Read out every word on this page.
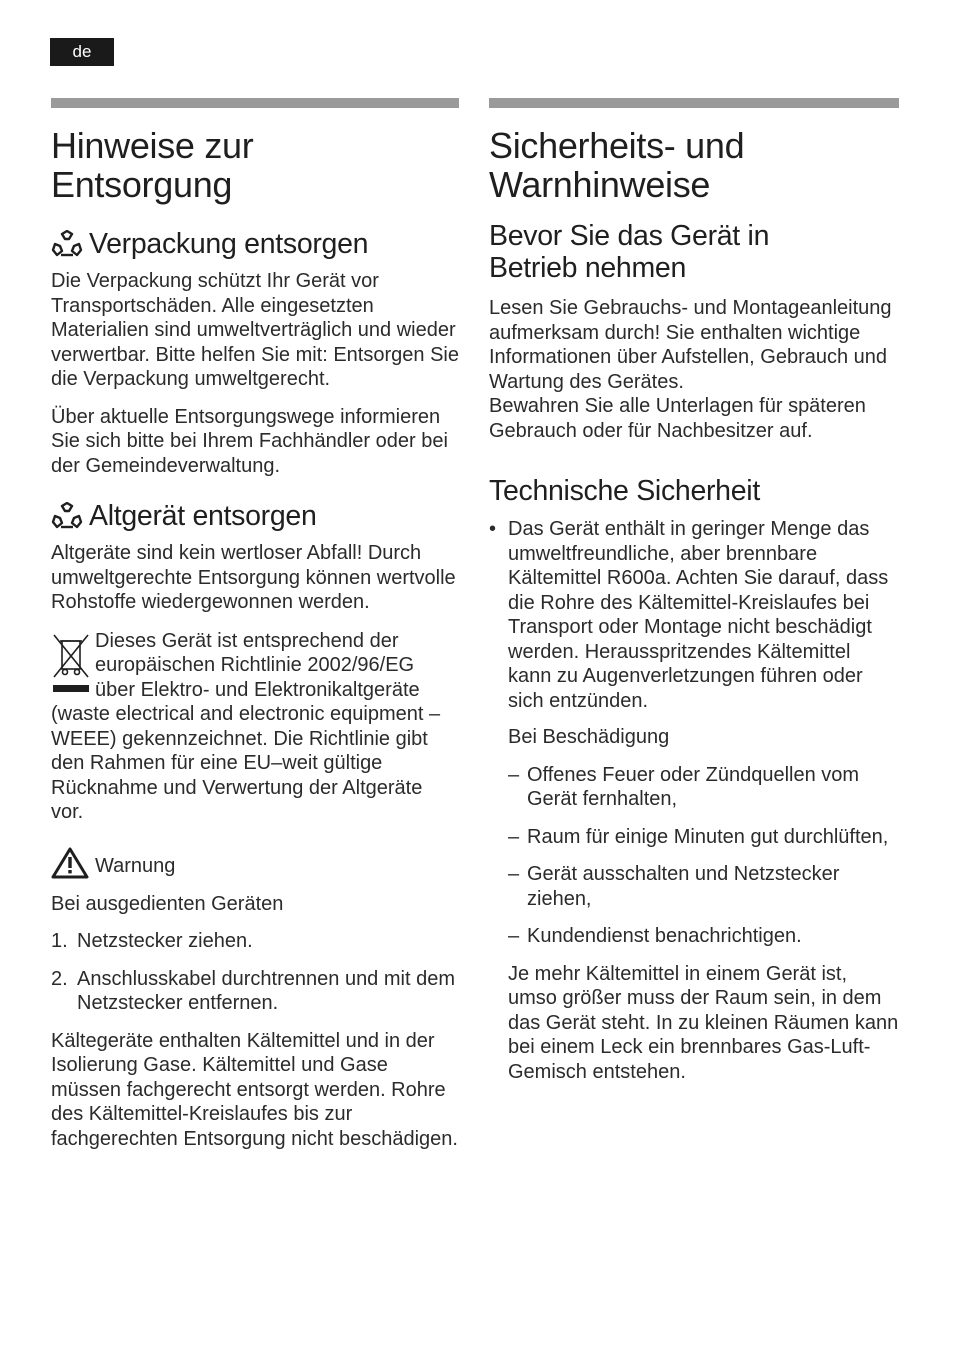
de
Hinweise zur Entsorgung
Verpackung entsorgen

Die Verpackung schützt Ihr Gerät vor Transportschäden. Alle eingesetzten Materialien sind umweltverträglich und wieder verwertbar. Bitte helfen Sie mit: Entsorgen Sie die Verpackung umweltgerecht.

Über aktuelle Entsorgungswege informieren Sie sich bitte bei Ihrem Fachhändler oder bei der Gemeindeverwaltung.

Altgerät entsorgen

Altgeräte sind kein wertloser Abfall! Durch umweltgerechte Entsorgung können wertvolle Rohstoffe wiedergewonnen werden.

Dieses Gerät ist entsprechend der europäischen Richtlinie 2002/96/EG über Elektro- und Elektronikaltgeräte

(waste electrical and electronic equipment – WEEE) gekennzeichnet. Die Richtlinie gibt den Rahmen für eine EU–weit gültige Rücknahme und Verwertung der Altgeräte vor.

Warnung

Bei ausgedienten Geräten

1. Netzstecker ziehen.
2. Anschlusskabel durchtrennen und mit dem Netzstecker entfernen.

Kältegeräte enthalten Kältemittel und in der Isolierung Gase. Kältemittel und Gase müssen fachgerecht entsorgt werden. Rohre des Kältemittel-Kreislaufes bis zur fachgerechten Entsorgung nicht beschädigen.

Sicherheits- und Warnhinweise
Bevor Sie das Gerät in Betrieb nehmen

Lesen Sie Gebrauchs- und Montageanleitung aufmerksam durch! Sie enthalten wichtige Informationen über Aufstellen, Gebrauch und Wartung des Gerätes.

Bewahren Sie alle Unterlagen für späteren Gebrauch oder für Nachbesitzer auf.

Technische Sicherheit
• Das Gerät enthält in geringer Menge das umweltfreundliche, aber brennbare Kältemittel R600a. Achten Sie darauf, dass die Rohre des Kältemittel-Kreislaufes bei Transport oder Montage nicht beschädigt werden. Herausspritzendes Kältemittel kann zu Augenverletzungen führen oder sich entzünden.
Bei Beschädigung
– Offenes Feuer oder Zündquellen vom Gerät fernhalten,
– Raum für einige Minuten gut durchlüften,
– Gerät ausschalten und Netzstecker ziehen,
– Kundendienst benachrichtigen.

Je mehr Kältemittel in einem Gerät ist, umso größer muss der Raum sein, in dem das Gerät steht. In zu kleinen Räumen kann bei einem Leck ein brennbares Gas-Luft-Gemisch entstehen.
